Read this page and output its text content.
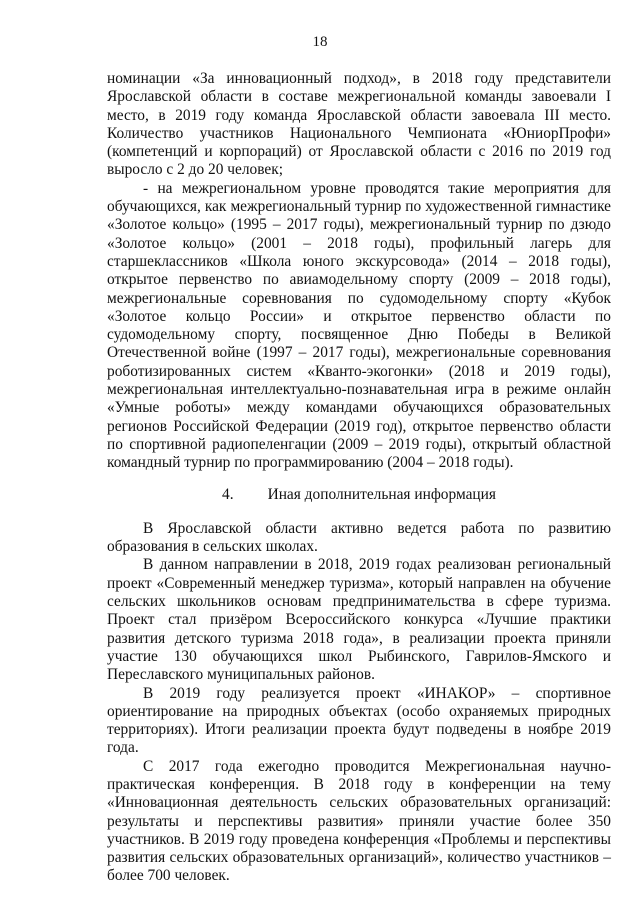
18

номинации «За инновационный подход», в 2018 году представители Ярославской области в составе межрегиональной команды завоевали I место, в 2019 году команда Ярославской области завоевала III место. Количество участников Национального Чемпионата «ЮниорПрофи» (компетенций и корпораций) от Ярославской области с 2016 по 2019 год выросло с 2 до 20 человек;

- на межрегиональном уровне проводятся такие мероприятия для обучающихся, как межрегиональный турнир по художественной гимнастике «Золотое кольцо» (1995 – 2017 годы), межрегиональный турнир по дзюдо «Золотое кольцо» (2001 – 2018 годы), профильный лагерь для старшеклассников «Школа юного экскурсовода» (2014 – 2018 годы), открытое первенство по авиамодельному спорту (2009 – 2018 годы), межрегиональные соревнования по судомодельному спорту «Кубок «Золотое кольцо России» и открытое первенство области по судомодельному спорту, посвященное Дню Победы в Великой Отечественной войне (1997 – 2017 годы), межрегиональные соревнования роботизированных систем «Кванто-экогонки» (2018 и 2019 годы), межрегиональная интеллектуально-познавательная игра в режиме онлайн «Умные роботы» между командами обучающихся образовательных регионов Российской Федерации (2019 год), открытое первенство области по спортивной радиопеленгации (2009 – 2019 годы), открытый областной командный турнир по программированию (2004 – 2018 годы).

4. Иная дополнительная информация

В Ярославской области активно ведется работа по развитию образования в сельских школах.

В данном направлении в 2018, 2019 годах реализован региональный проект «Современный менеджер туризма», который направлен на обучение сельских школьников основам предпринимательства в сфере туризма. Проект стал призёром Всероссийского конкурса «Лучшие практики развития детского туризма 2018 года», в реализации проекта приняли участие 130 обучающихся школ Рыбинского, Гаврилов-Ямского и Переславского муниципальных районов.

В 2019 году реализуется проект «ИНАКОР» – спортивное ориентирование на природных объектах (особо охраняемых природных территориях). Итоги реализации проекта будут подведены в ноябре 2019 года.

С 2017 года ежегодно проводится Межрегиональная научно-практическая конференция. В 2018 году в конференции на тему «Инновационная деятельность сельских образовательных организаций: результаты и перспективы развития» приняли участие более 350 участников. В 2019 году проведена конференция «Проблемы и перспективы развития сельских образовательных организаций», количество участников – более 700 человек.
